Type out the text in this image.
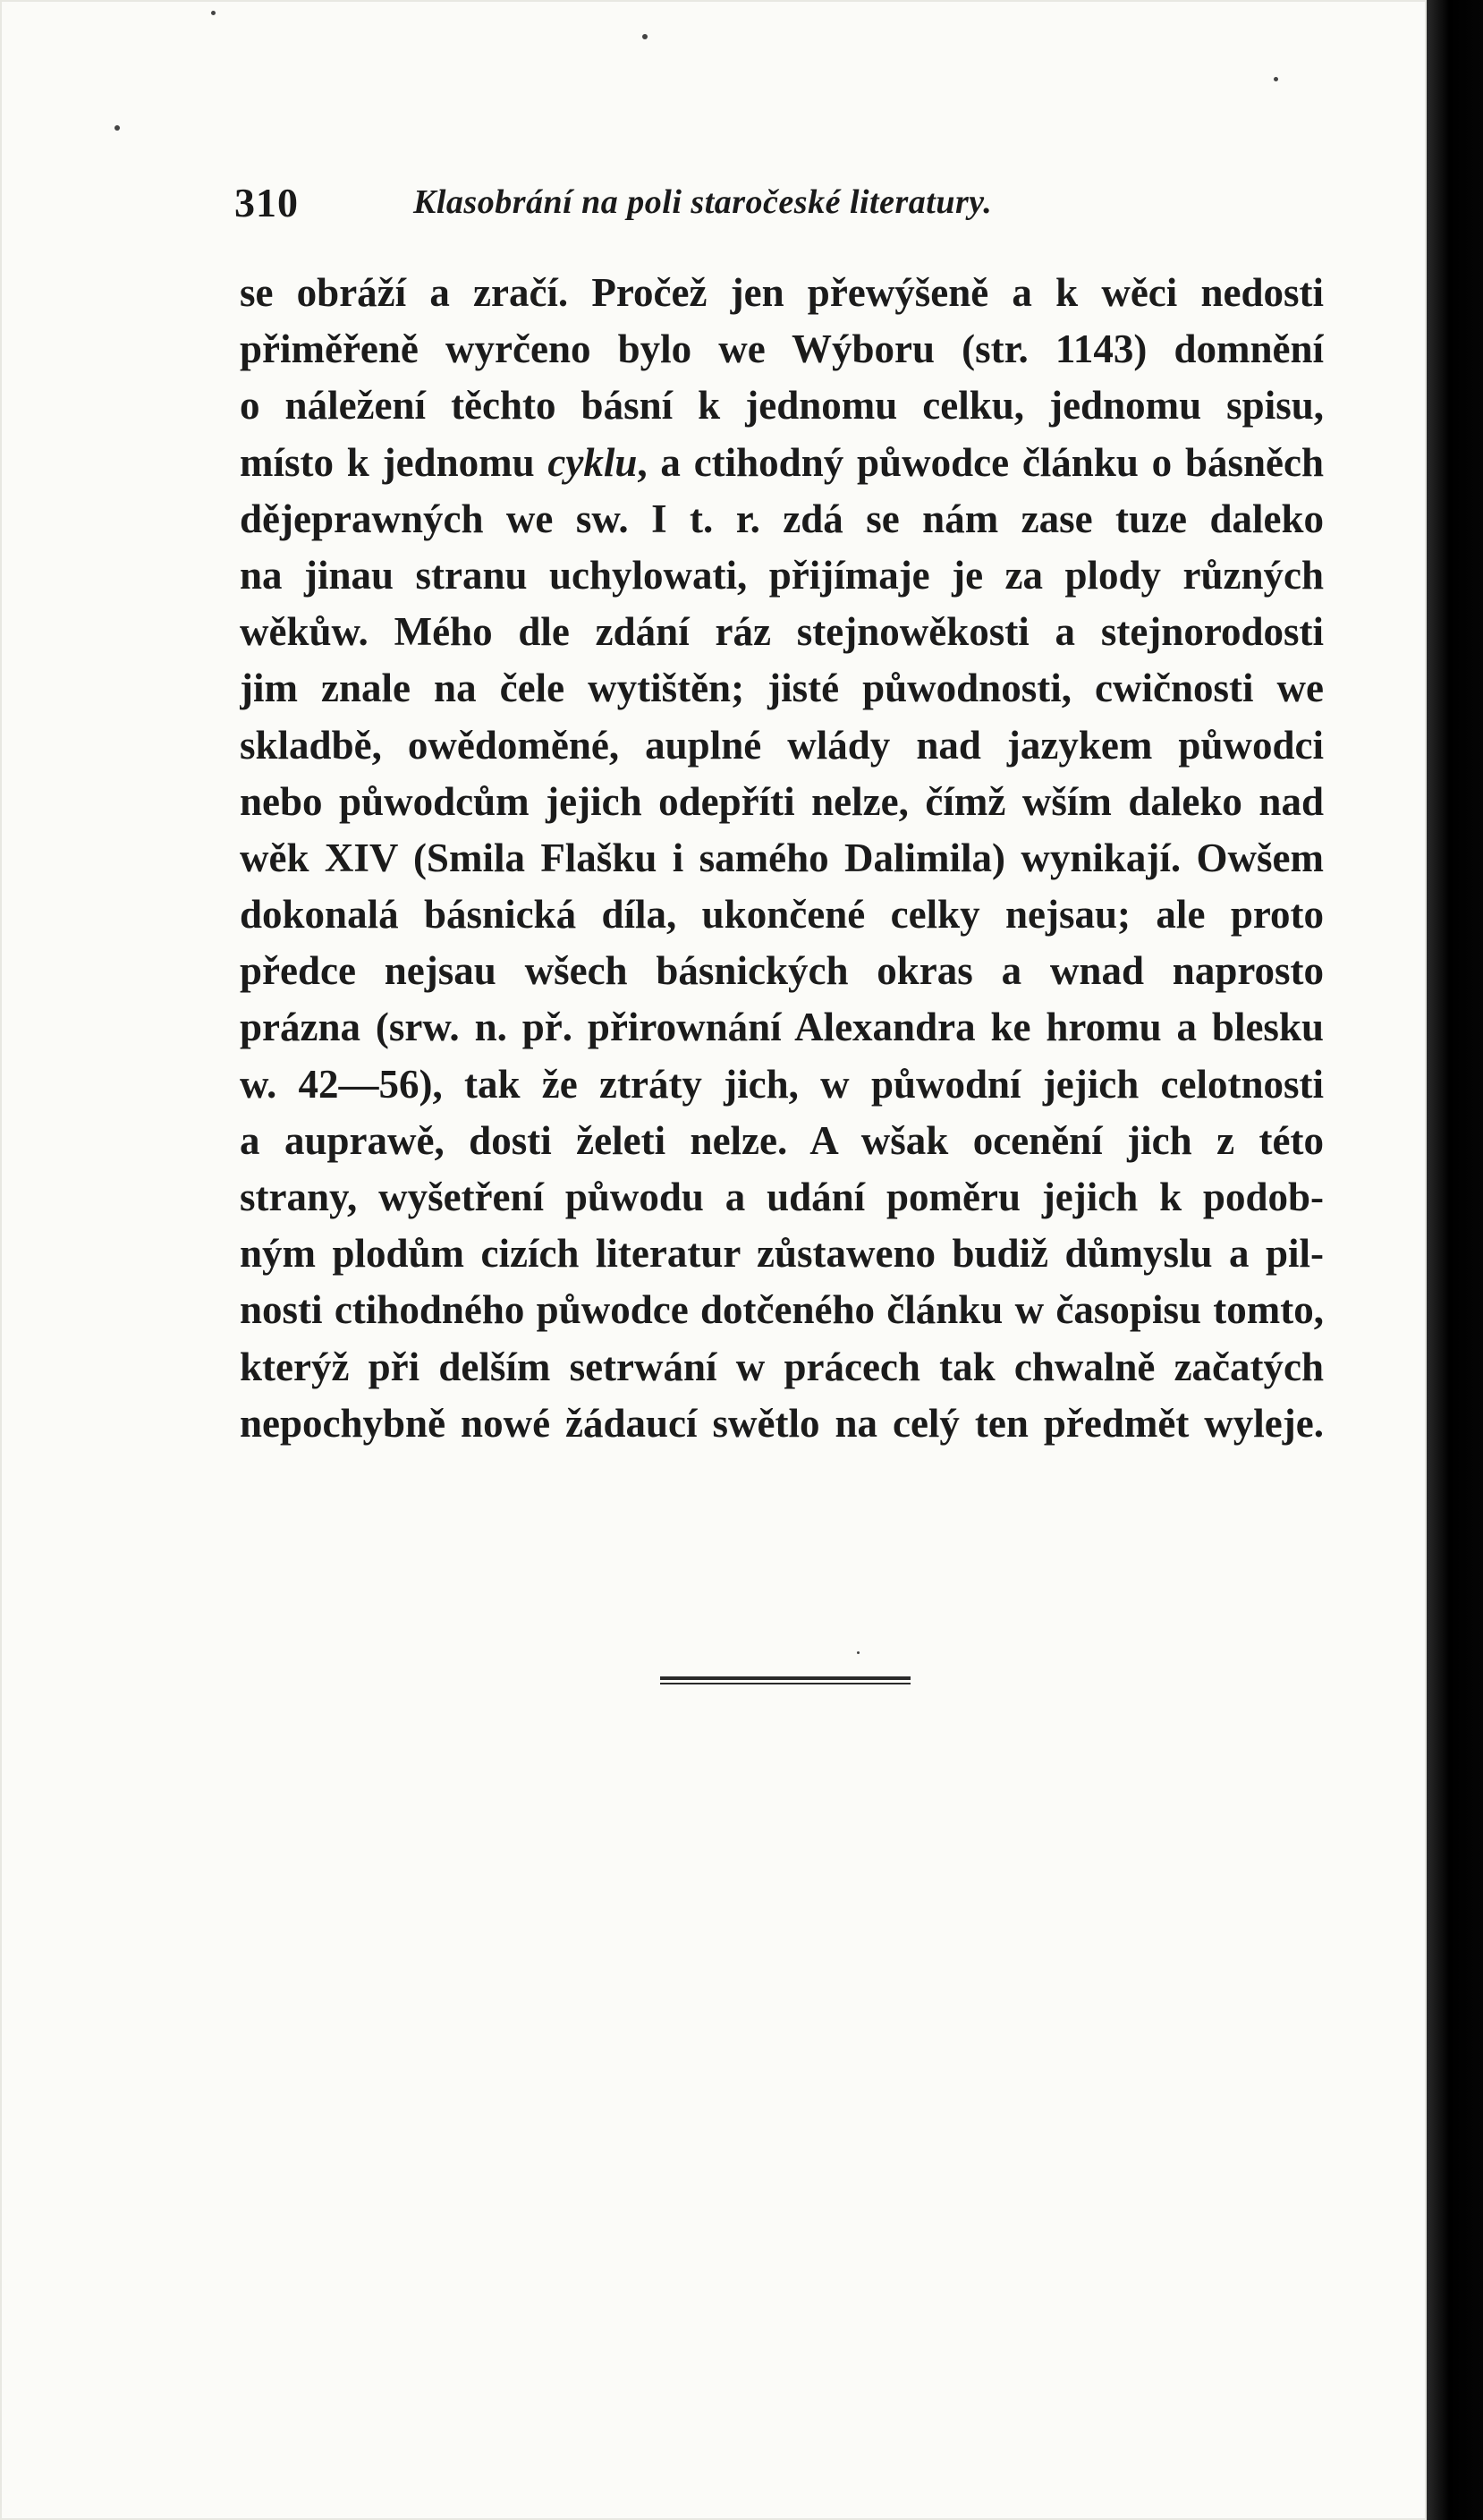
310	Klasobrání na poli staročeské literatury.
se obráží a zračí. Pročež jen přewýšeně a k wěci nedosti
přiměřeně wyrčeno bylo we Wýboru (str. 1143) domnění
o náležení těchto básní k jednomu celku, jednomu spisu,
místo k jednomu cyklu, a ctihodný půwodce článku o básněch
dějeprawných we sw. I t. r. zdá se nám zase tuze daleko
na jinau stranu uchylowati, přijímaje je za plody různých
wěkůw. Mého dle zdání ráz stejnowěkosti a stejnorodosti
jim znale na čele wytištěn; jisté půwodnosti, cwičnosti we
skladbě, owědoměné, auplné wlády nad jazykem půwodci
nebo půwodcům jejich odepříti nelze, čímž wším daleko nad
wěk XIV (Smila Flašku i samého Dalimila) wynikají. Owšem
dokonalá básnická díla, ukončené celky nejsau; ale proto
předce nejsau wšech básnických okras a wnad naprosto
prázna (srw. n. př. přirownání Alexandra ke hromu a blesku
w. 42—56), tak že ztráty jich, w půwodní jejich celotnosti
a auprawě, dosti želeti nelze. A wšak ocenění jich z této
strany, wyšetření půwodu a udání poměru jejich k podob-
ným plodům cizích literatur zůstaweno budiž důmyslu a pil-
nosti ctihodného půwodce dotčeného článku w časopisu tomto,
kterýž při delším setrwání w prácech tak chwalně začatých
nepochybně nowé žádaucí swětlo na celý ten předmět wyleje.
